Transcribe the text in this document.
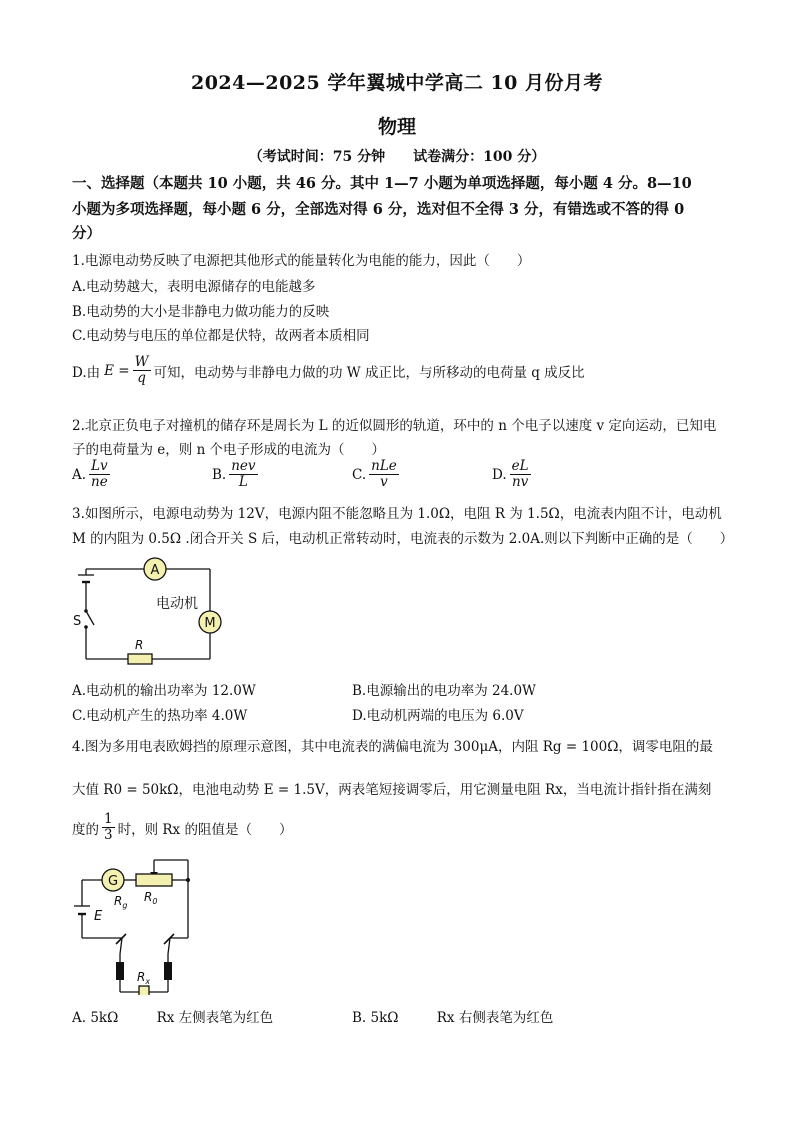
2024—2025 学年翼城中学高二 10 月份月考
物理
（考试时间：75 分钟　　试卷满分：100 分）
一、选择题（本题共 10 小题，共 46 分。其中 1—7 小题为单项选择题，每小题 4 分。8—10
小题为多项选择题，每小题 6 分，全部选对得 6 分，选对但不全得 3 分，有错选或不答的得 0
分）
1.电源电动势反映了电源把其他形式的能量转化为电能的能力，因此（　　）
A.电动势越大，表明电源储存的电能越多
B.电动势的大小是非静电力做功能力的反映
C.电动势与电压的单位都是伏特，故两者本质相同
D.由 $E = \frac{W}{q}$ 可知，电动势与非静电力做的功 W 成正比，与所移动的电荷量 q 成反比
2.北京正负电子对撞机的储存环是周长为 L 的近似圆形的轨道，环中的 n 个电子以速度 v 定向运动，已知电
子的电荷量为 e，则 n 个电子形成的电流为（　　）
A. $\frac{Lv}{ne}$	B. $\frac{\text{nev}}{L}$	C. $\frac{\text{nLe}}{v}$	D. $\frac{eL}{nv}$
3.如图所示，电源电动势为 12V，电源内阻不能忽略且为 1.0Ω，电阻 R 为 1.5Ω，电流表内阻不计，电动机
M 的内阻为 0.5Ω .闭合开关 S 后，电动机正常转动时，电流表的示数为 2.0A.则以下判断中正确的是（　　）
S
A
M
电动机
R
A.电动机的输出功率为 12.0W	B.电源输出的电功率为 24.0W
C.电动机产生的热功率 4.0W	D.电动机两端的电压为 6.0V
4.图为多用电表欧姆挡的原理示意图，其中电流表的满偏电流为 300μA，内阻 Rg = 100Ω，调零电阻的最
大值 R0 = 50kΩ，电池电动势 E = 1.5V，两表笔短接调零后，用它测量电阻 Rx，当电流计指针指在满刻
度的 $\frac{1}{3}$ 时，则 Rx 的阻值是（　　）
G
$R_g$
$R_0$
E
$R_x$
A. 5kΩ	Rx 左侧表笔为红色	B. 5kΩ	Rx 右侧表笔为红色
